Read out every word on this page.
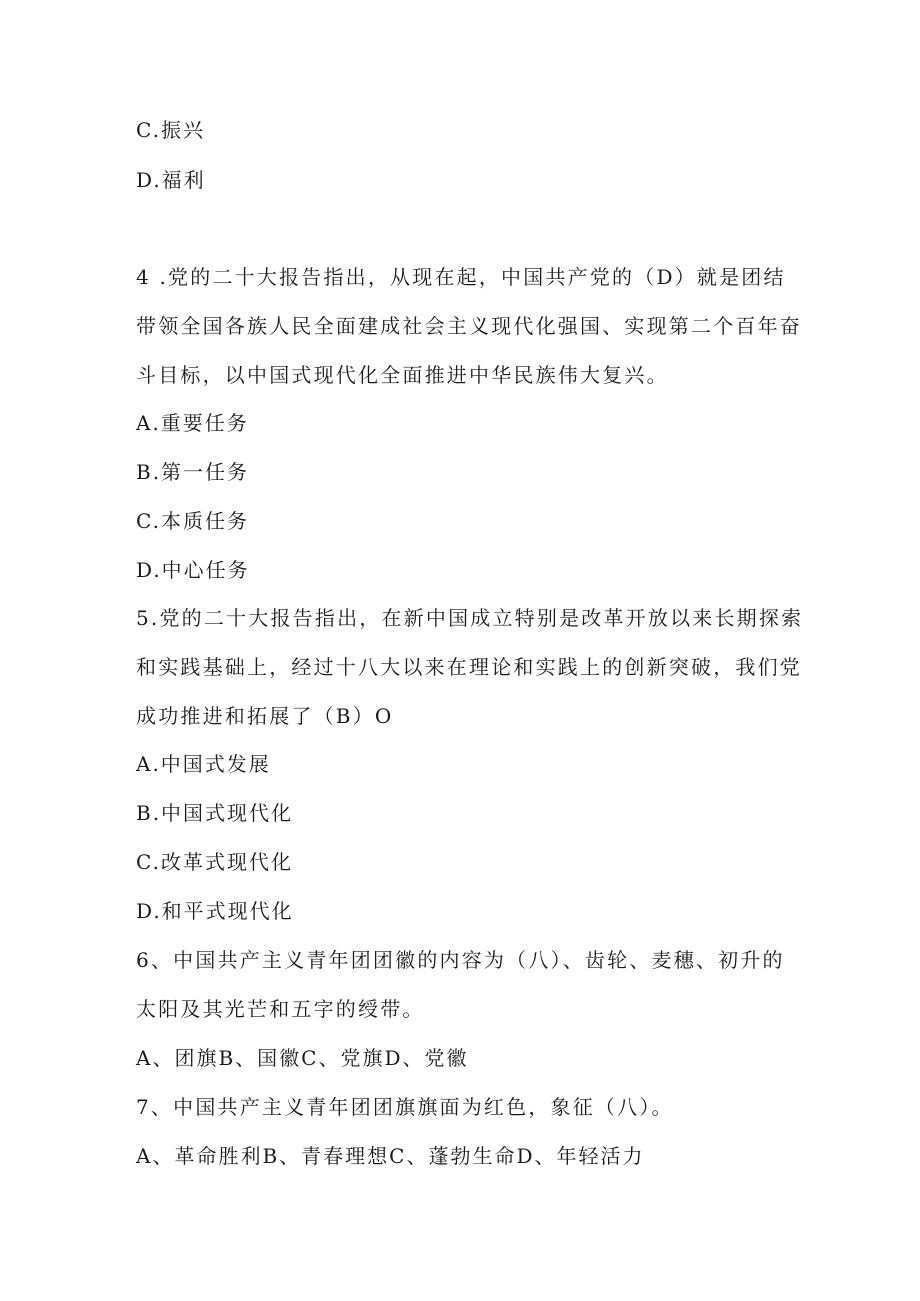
C.振兴
D.福利
4 .党的二十大报告指出，从现在起，中国共产党的（D）就是团结
带领全国各族人民全面建成社会主义现代化强国、实现第二个百年奋
斗目标，以中国式现代化全面推进中华民族伟大复兴。
A.重要任务
B.第一任务
C.本质任务
D.中心任务
5.党的二十大报告指出，在新中国成立特别是改革开放以来长期探索
和实践基础上，经过十八大以来在理论和实践上的创新突破，我们党
成功推进和拓展了（B）O
A.中国式发展
B.中国式现代化
C.改革式现代化
D.和平式现代化
6、中国共产主义青年团团徽的内容为（八）、齿轮、麦穗、初升的
太阳及其光芒和五字的绶带。
A、团旗B、国徽C、党旗D、党徽
7、中国共产主义青年团团旗旗面为红色，象征（八）。
A、革命胜利B、青春理想C、蓬勃生命D、年轻活力
